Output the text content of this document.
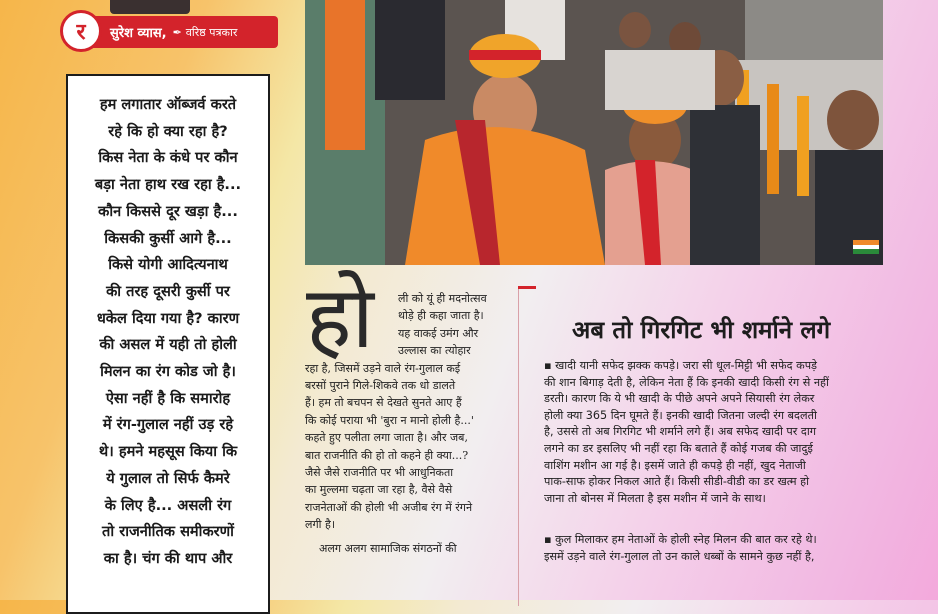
र	सुरेश व्यास, ✒ वरिष्ठ पत्रकार
हम लगातार ऑब्जर्व करते
रहे कि हो क्या रहा है?
किस नेता के कंधे पर कौन
बड़ा नेता हाथ रख रहा है...
कौन किससे दूर खड़ा है...
किसकी कुर्सी आगे है...
किसे योगी आदित्यनाथ
की तरह दूसरी कुर्सी पर
धकेल दिया गया है? कारण
की असल में यही तो होली
मिलन का रंग कोड जो है।
ऐसा नहीं है कि समारोह
में रंग-गुलाल नहीं उड़ रहे
थे। हमने महसूस किया कि
ये गुलाल तो सिर्फ कैमरे
के लिए है... असली रंग
तो राजनीतिक समीकरणों
का है। चंग की थाप और
हो	ली को यूं ही मदनोत्सव
थोड़े ही कहा जाता है।
यह वाकई उमंग और
उल्लास का त्योहार
रहा है, जिसमें उड़ने वाले रंग-गुलाल कई
बरसों पुराने गिले-शिकवे तक धो डालते
हैं। हम तो बचपन से देखते सुनते आए हैं
कि कोई पराया भी 'बुरा न मानो होली है...'
कहते हुए पलीता लगा जाता है। और जब,
बात राजनीति की हो तो कहने ही क्या...?
जैसे जैसे राजनीति पर भी आधुनिकता
का मुल्लमा चढ़ता जा रहा है, वैसे वैसे
राजनेताओं की होली भी अजीब रंग में रंगने
लगी है।
अलग अलग सामाजिक संगठनों की
अब तो गिरगिट भी शर्माने लगे
▪ खादी यानी सफेद झक्क कपड़े। जरा सी धूल-मिट्टी भी सफेद कपड़े
की शान बिगाड़ देती है, लेकिन नेता हैं कि इनकी खादी किसी रंग से नहीं
डरती। कारण कि ये भी खादी के पीछे अपने अपने सियासी रंग लेकर
होली क्या 365 दिन घूमते हैं। इनकी खादी जितना जल्दी रंग बदलती
है, उससे तो अब गिरगिट भी शर्माने लगे हैं। अब सफेद खादी पर दाग
लगने का डर इसलिए भी नहीं रहा कि बताते हैं कोई गजब की जादुई
वाशिंग मशीन आ गई है। इसमें जाते ही कपड़े ही नहीं, खुद नेताजी
पाक-साफ होकर निकल आते हैं। किसी सीडी-वीडी का डर खत्म हो
जाना तो बोनस में मिलता है इस मशीन में जाने के साथ।
▪ कुल मिलाकर हम नेताओं के होली स्नेह मिलन की बात कर रहे थे।
इसमें उड़ने वाले रंग-गुलाल तो उन काले धब्बों के सामने कुछ नहीं है,
